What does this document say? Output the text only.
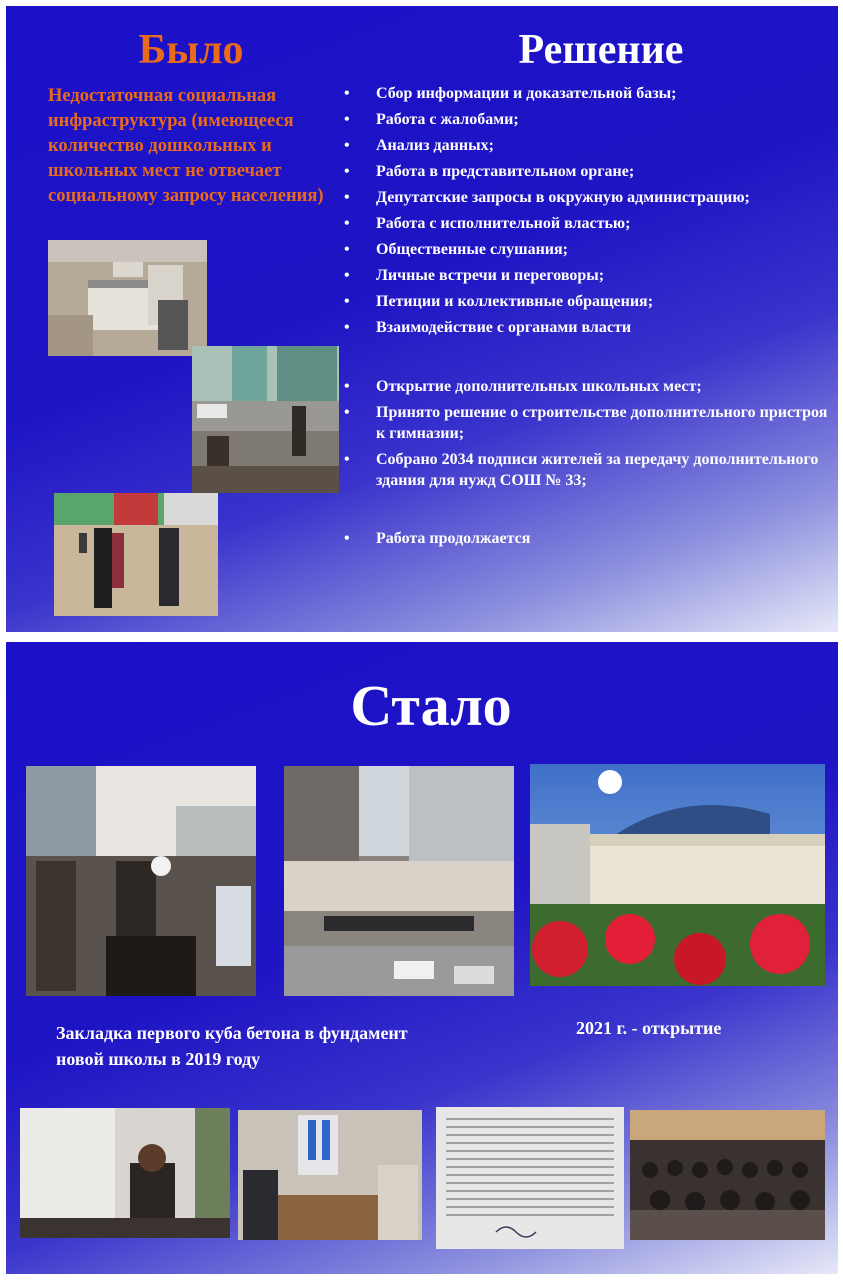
Было	Решение
Недостаточная социальная инфраструктура (имеющееся количество дошкольных и школьных мест не отвечает социальному запросу населения)
• Сбор информации и доказательной базы;
• Работа с жалобами;
• Анализ данных;
• Работа в представительном органе;
• Депутатские запросы в окружную администрацию;
• Работа с исполнительной властью;
• Общественные слушания;
• Личные встречи и переговоры;
• Петиции и коллективные обращения;
• Взаимодействие с органами власти
• Открытие дополнительных школьных мест;
• Принято решение о строительстве дополнительного пристроя к гимназии;
• Собрано 2034 подписи жителей за передачу дополнительного здания для нужд СОШ № 33;
• Работа продолжается
Стало
Закладка первого куба бетона в фундамент новой школы в 2019 году
2021 г. - открытие
